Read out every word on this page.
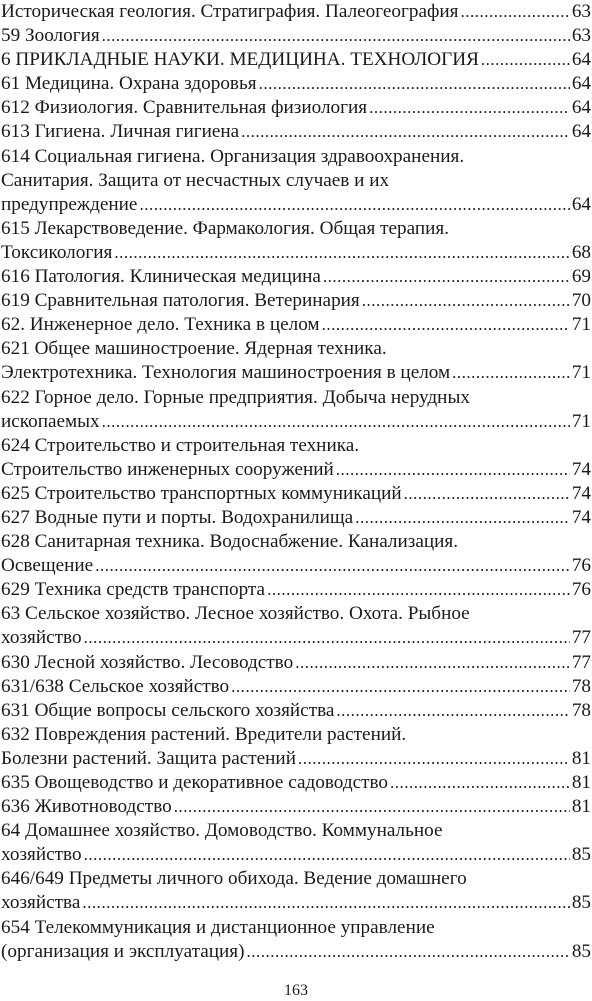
Историческая геология. Стратиграфия. Палеогеография .....	63
59 Зоология .....	63
6 ПРИКЛАДНЫЕ НАУКИ. МЕДИЦИНА. ТЕХНОЛОГИЯ .....	64
61 Медицина. Охрана здоровья .....	64
612 Физиология. Сравнительная физиология .....	64
613 Гигиена. Личная гигиена .....	64
614 Социальная гигиена. Организация здравоохранения.
Санитария. Защита от несчастных случаев и их
предупреждение .....	64
615 Лекарствоведение. Фармакология. Общая терапия.
Токсикология .....	68
616 Патология. Клиническая медицина .....	69
619 Сравнительная патология. Ветеринария .....	70
62. Инженерное дело. Техника в целом .....	71
621 Общее машиностроение. Ядерная техника.
Электротехника. Технология машиностроения в целом .....	71
622 Горное дело. Горные предприятия. Добыча нерудных
ископаемых .....	71
624 Строительство и строительная техника.
Строительство инженерных сооружений .....	74
625 Строительство транспортных коммуникаций .....	74
627 Водные пути и порты. Водохранилища .....	74
628 Санитарная техника. Водоснабжение. Канализация.
Освещение .....	76
629 Техника средств транспорта .....	76
63 Сельское хозяйство. Лесное хозяйство. Охота. Рыбное
хозяйство .....	77
630 Лесной хозяйство. Лесоводство .....	77
631/638 Сельское хозяйство .....	78
631 Общие вопросы сельского хозяйства .....	78
632 Повреждения растений. Вредители растений.
Болезни растений. Защита растений .....	81
635 Овощеводство и декоративное садоводство .....	81
636 Животноводство .....	81
64 Домашнее хозяйство. Домоводство. Коммунальное
хозяйство .....	85
646/649 Предметы личного обихода. Ведение домашнего
хозяйства .....	85
654 Телекоммуникация и дистанционное управление
(организация и эксплуатация) .....	85
163
